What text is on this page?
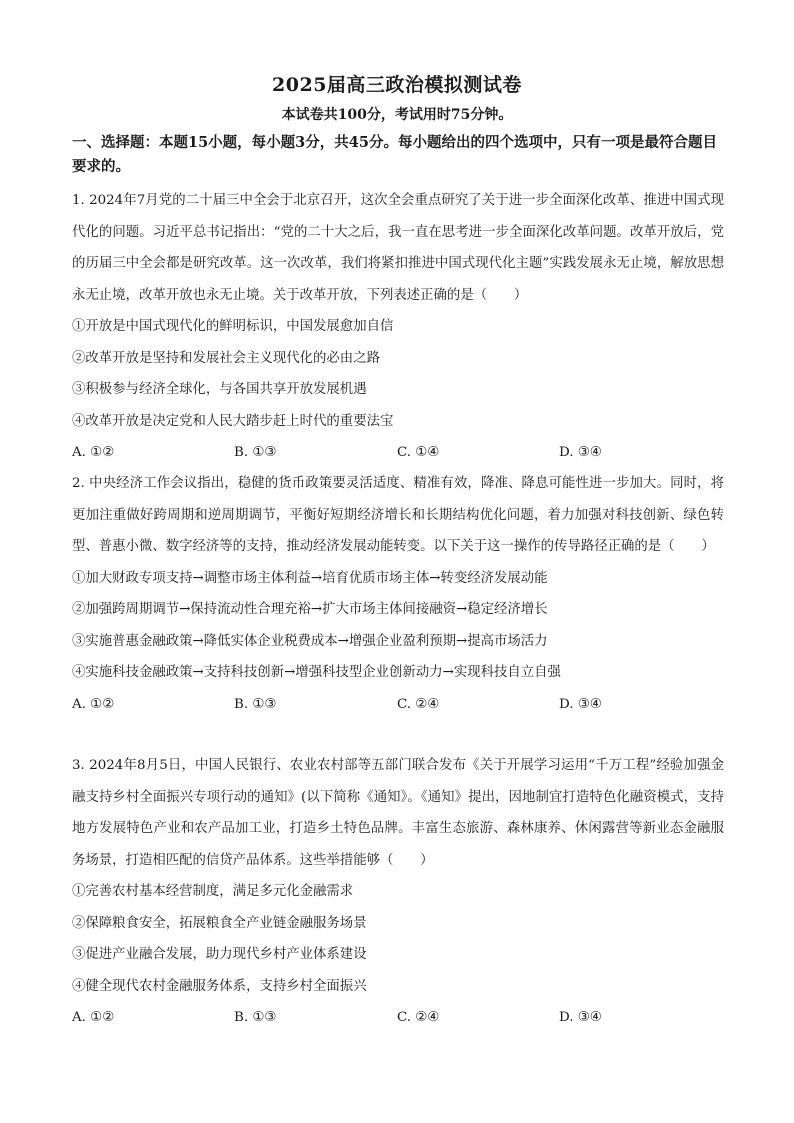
2025届高三政治模拟测试卷
本试卷共100分，考试用时75分钟。
一、选择题：本题15小题，每小题3分，共45分。每小题给出的四个选项中，只有一项是最符合题目要求的。
1. 2024年7月党的二十届三中全会于北京召开，这次全会重点研究了关于进一步全面深化改革、推进中国式现代化的问题。习近平总书记指出：“党的二十大之后，我一直在思考进一步全面深化改革问题。改革开放后，党的历届三中全会都是研究改革。这一次改革，我们将紧扣推进中国式现代化主题”实践发展永无止境，解放思想永无止境，改革开放也永无止境。关于改革开放，下列表述正确的是（　　）
①开放是中国式现代化的鲜明标识，中国发展愈加自信
②改革开放是坚持和发展社会主义现代化的必由之路
③积极参与经济全球化，与各国共享开放发展机遇
④改革开放是决定党和人民大踏步赶上时代的重要法宝
A. ①②	B. ①③	C. ①④	D. ③④
2. 中央经济工作会议指出，稳健的货币政策要灵活适度、精准有效，降准、降息可能性进一步加大。同时，将更加注重做好跨周期和逆周期调节，平衡好短期经济增长和长期结构优化问题，着力加强对科技创新、绿色转型、普惠小微、数字经济等的支持，推动经济发展动能转变。以下关于这一操作的传导路径正确的是（　　）
①加大财政专项支持→调整市场主体利益→培育优质市场主体→转变经济发展动能
②加强跨周期调节→保持流动性合理充裕→扩大市场主体间接融资→稳定经济增长
③实施普惠金融政策→降低实体企业税费成本→增强企业盈利预期→提高市场活力
④实施科技金融政策→支持科技创新→增强科技型企业创新动力→实现科技自立自强
A. ①②	B. ①③	C. ②④	D. ③④
3. 2024年8月5日，中国人民银行、农业农村部等五部门联合发布《关于开展学习运用“千万工程”经验加强金融支持乡村全面振兴专项行动的通知》(以下简称《通知》。《通知》提出，因地制宜打造特色化融资模式，支持地方发展特色产业和农产品加工业，打造乡土特色品牌。丰富生态旅游、森林康养、休闲露营等新业态金融服务场景，打造相匹配的信贷产品体系。这些举措能够（　　）
①完善农村基本经营制度，满足多元化金融需求
②保障粮食安全，拓展粮食全产业链金融服务场景
③促进产业融合发展，助力现代乡村产业体系建设
④健全现代农村金融服务体系，支持乡村全面振兴
A. ①②	B. ①③	C. ②④	D. ③④
